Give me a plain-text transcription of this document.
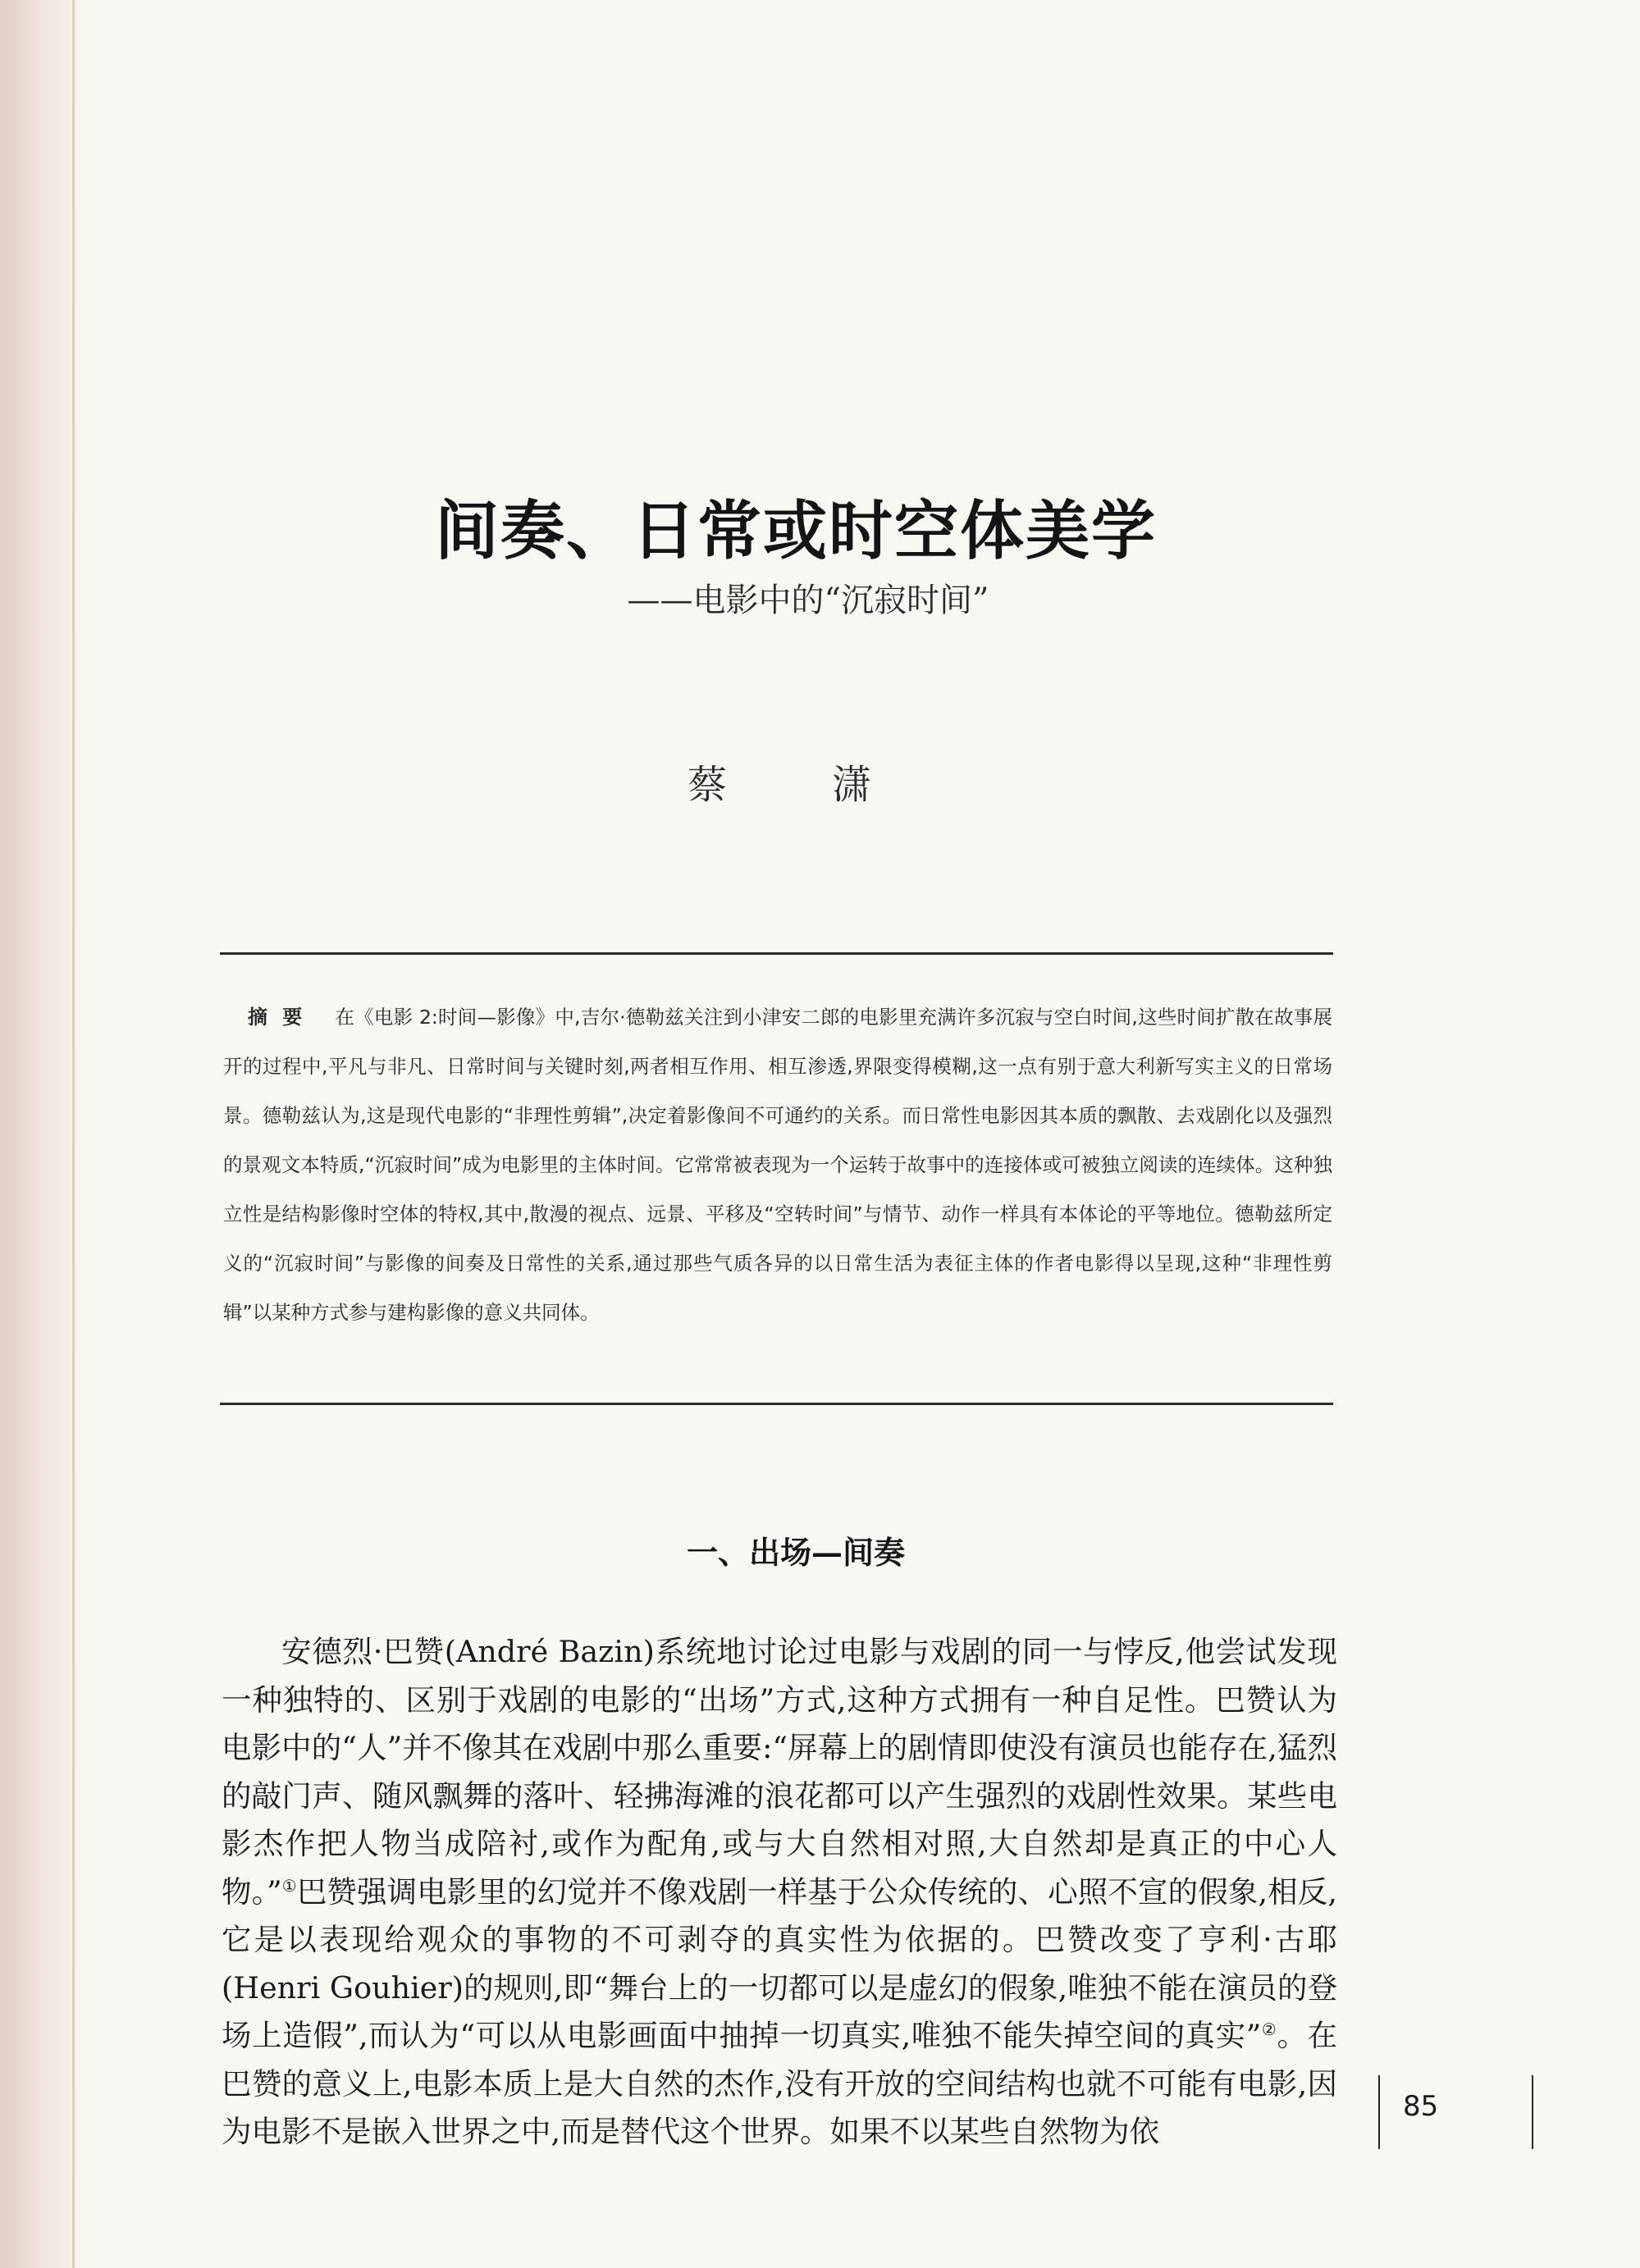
间奏、日常或时空体美学
——电影中的“沉寂时间”
蔡　潇
摘要 在《电影 2:时间—影像》中,吉尔·德勒兹关注到小津安二郎的电影里充满许多沉寂与空白时间,这些时间扩散在故事展开的过程中,平凡与非凡、日常时间与关键时刻,两者相互作用、相互渗透,界限变得模糊,这一点有别于意大利新写实主义的日常场景。德勒兹认为,这是现代电影的“非理性剪辑”,决定着影像间不可通约的关系。而日常性电影因其本质的飘散、去戏剧化以及强烈的景观文本特质,“沉寂时间”成为电影里的主体时间。它常常被表现为一个运转于故事中的连接体或可被独立阅读的连续体。这种独立性是结构影像时空体的特权,其中,散漫的视点、远景、平移及“空转时间”与情节、动作一样具有本体论的平等地位。德勒兹所定义的“沉寂时间”与影像的间奏及日常性的关系,通过那些气质各异的以日常生活为表征主体的作者电影得以呈现,这种“非理性剪辑”以某种方式参与建构影像的意义共同体。
一、出场—间奏
安德烈·巴赞(André Bazin)系统地讨论过电影与戏剧的同一与悖反,他尝试发现一种独特的、区别于戏剧的电影的“出场”方式,这种方式拥有一种自足性。巴赞认为电影中的“人”并不像其在戏剧中那么重要:“屏幕上的剧情即使没有演员也能存在,猛烈的敲门声、随风飘舞的落叶、轻拂海滩的浪花都可以产生强烈的戏剧性效果。某些电影杰作把人物当成陪衬,或作为配角,或与大自然相对照,大自然却是真正的中心人物。”①巴赞强调电影里的幻觉并不像戏剧一样基于公众传统的、心照不宣的假象,相反,它是以表现给观众的事物的不可剥夺的真实性为依据的。巴赞改变了亨利·古耶(Henri Gouhier)的规则,即“舞台上的一切都可以是虚幻的假象,唯独不能在演员的登场上造假”,而认为“可以从电影画面中抽掉一切真实,唯独不能失掉空间的真实”②。在巴赞的意义上,电影本质上是大自然的杰作,没有开放的空间结构也就不可能有电影,因为电影不是嵌入世界之中,而是替代这个世界。如果不以某些自然物为依
85
